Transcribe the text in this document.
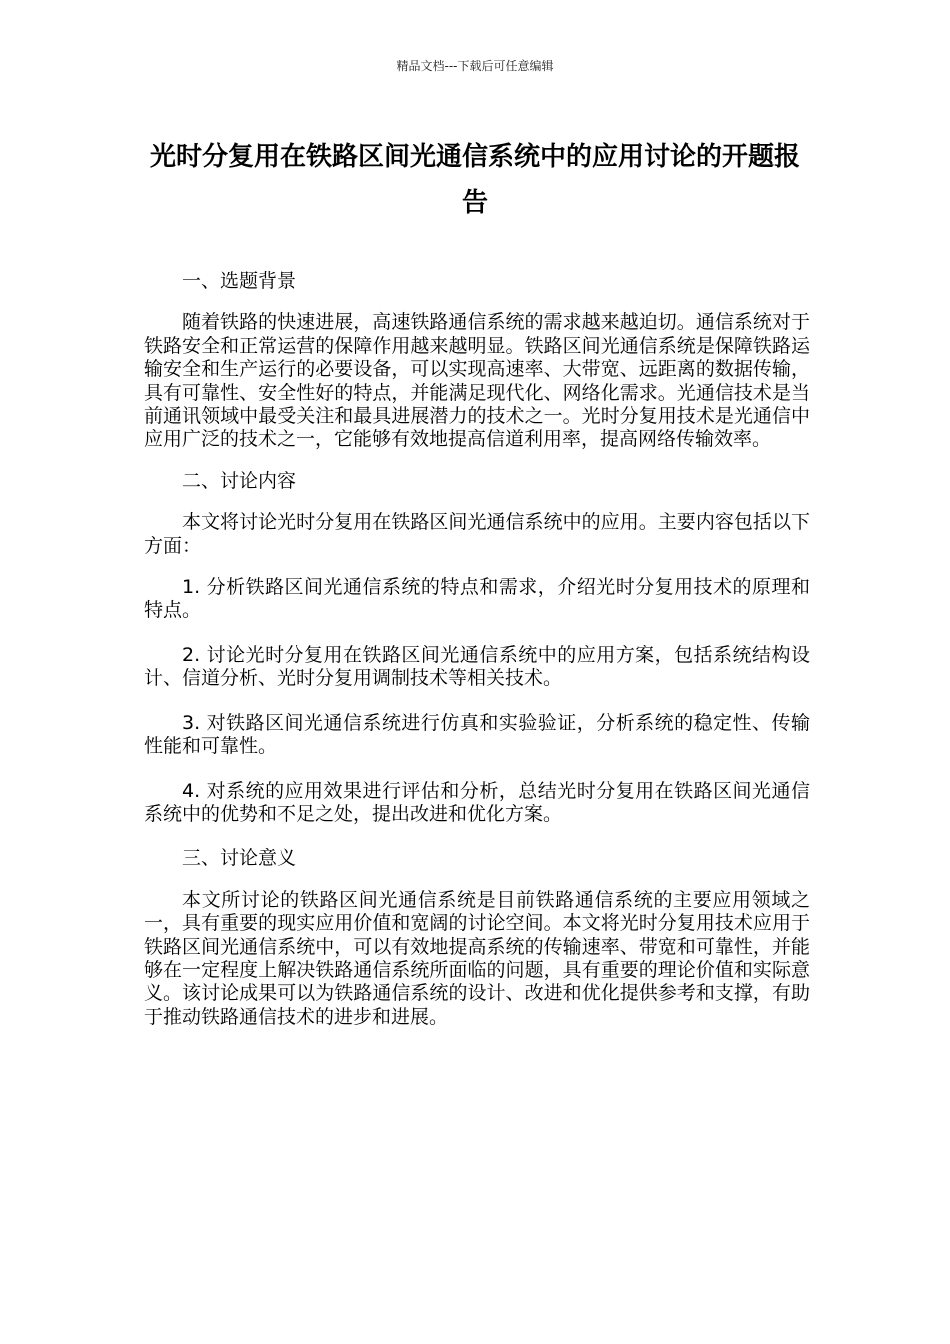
精品文档---下载后可任意编辑
光时分复用在铁路区间光通信系统中的应用讨论的开题报告

一、选题背景

随着铁路的快速进展，高速铁路通信系统的需求越来越迫切。通信系统对于铁路安全和正常运营的保障作用越来越明显。铁路区间光通信系统是保障铁路运输安全和生产运行的必要设备，可以实现高速率、大带宽、远距离的数据传输，具有可靠性、安全性好的特点，并能满足现代化、网络化需求。光通信技术是当前通讯领域中最受关注和最具进展潜力的技术之一。光时分复用技术是光通信中应用广泛的技术之一，它能够有效地提高信道利用率，提高网络传输效率。

二、讨论内容

本文将讨论光时分复用在铁路区间光通信系统中的应用。主要内容包括以下方面：

1. 分析铁路区间光通信系统的特点和需求，介绍光时分复用技术的原理和特点。

2. 讨论光时分复用在铁路区间光通信系统中的应用方案，包括系统结构设计、信道分析、光时分复用调制技术等相关技术。

3. 对铁路区间光通信系统进行仿真和实验验证，分析系统的稳定性、传输性能和可靠性。

4. 对系统的应用效果进行评估和分析，总结光时分复用在铁路区间光通信系统中的优势和不足之处，提出改进和优化方案。

三、讨论意义

本文所讨论的铁路区间光通信系统是目前铁路通信系统的主要应用领域之一，具有重要的现实应用价值和宽阔的讨论空间。本文将光时分复用技术应用于铁路区间光通信系统中，可以有效地提高系统的传输速率、带宽和可靠性，并能够在一定程度上解决铁路通信系统所面临的问题，具有重要的理论价值和实际意义。该讨论成果可以为铁路通信系统的设计、改进和优化提供参考和支撑，有助于推动铁路通信技术的进步和进展。
